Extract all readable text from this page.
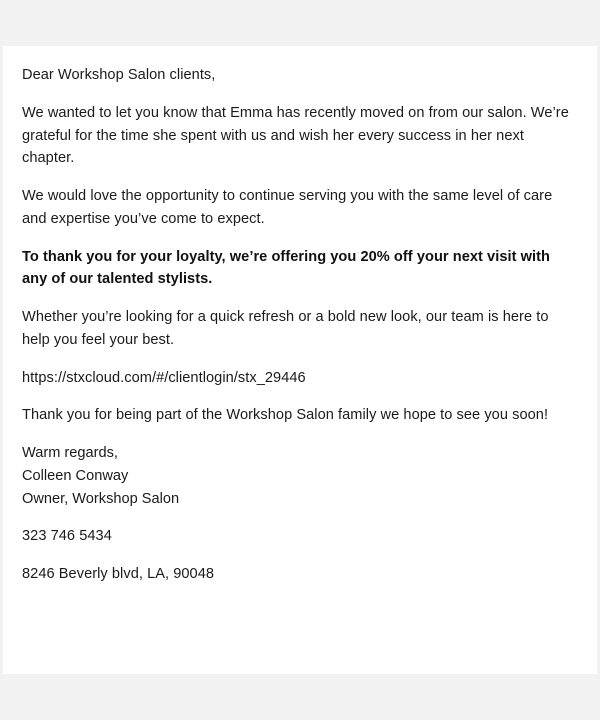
Dear Workshop Salon clients,

We wanted to let you know that Emma has recently moved on from our salon. We’re grateful for the time she spent with us and wish her every success in her next chapter.

We would love the opportunity to continue serving you with the same level of care and expertise you’ve come to expect.

To thank you for your loyalty, we’re offering you 20% off your next visit with any of our talented stylists.

Whether you’re looking for a quick refresh or a bold new look, our team is here to help you feel your best.

https://stxcloud.com/#/clientlogin/stx_29446

Thank you for being part of the Workshop Salon family we hope to see you soon!

Warm regards,
Colleen Conway
Owner, Workshop Salon

323 746 5434

8246 Beverly blvd, LA, 90048
